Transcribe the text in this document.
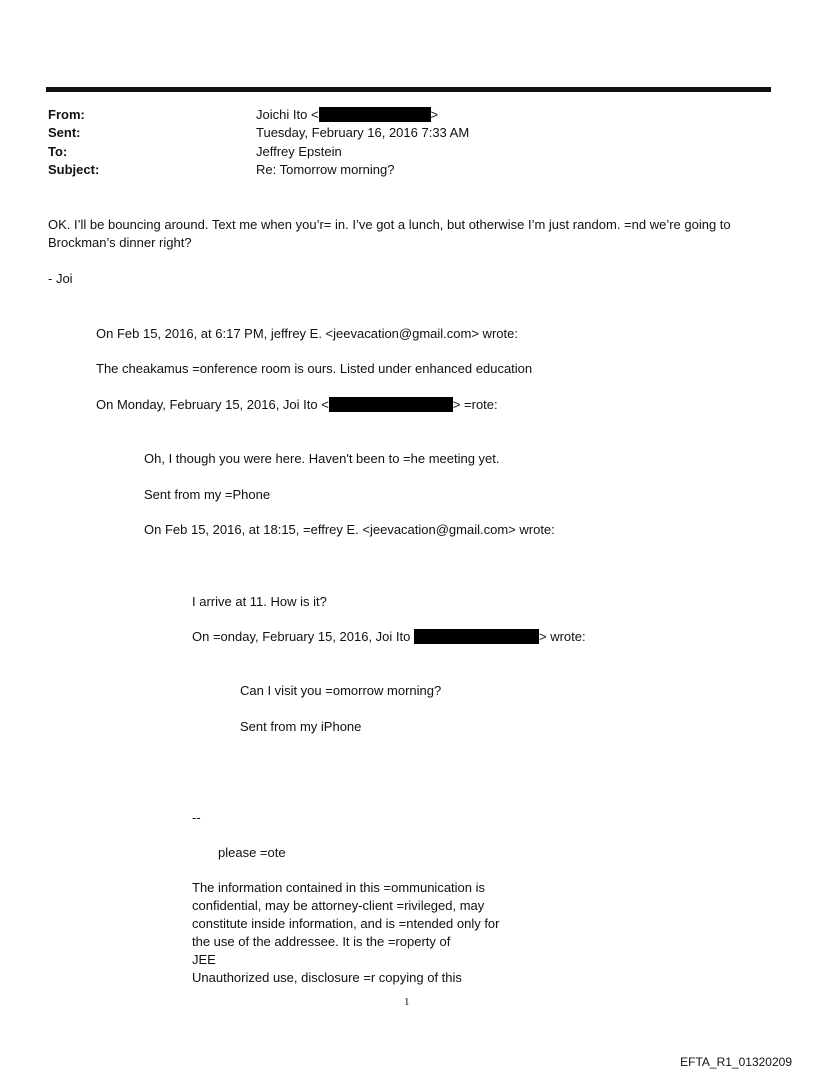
From:	Joichi Ito <	>
Sent:	Tuesday, February 16, 2016 7:33 AM
To:	Jeffrey Epstein
Subject:	Re: Tomorrow morning?
OK. I’ll be bouncing around. Text me when you’r= in. I’ve got a lunch, but otherwise I’m just random. =nd we’re going to Brockman’s dinner right?
- Joi
On Feb 15, 2016, at 6:17 PM, jeffrey E. <jeevacation@gmail.com> wrote:
The cheakamus =onference room is ours. Listed under enhanced education
On Monday, February 15, 2016, Joi Ito <	> =rote:
Oh, I though you were here. Haven't been to =he meeting yet.
Sent from my =Phone
On Feb 15, 2016, at 18:15, =effrey E. <jeevacation@gmail.com> wrote:
I arrive at 11. How is it?
On =onday, February 15, 2016, Joi Ito	> wrote:
Can I visit you =omorrow morning?
Sent from my iPhone
--
please =ote
The information contained in this =ommunication is
confidential, may be attorney-client =rivileged, may
constitute inside information, and is =ntended only for
the use of the addressee. It is the =roperty of
JEE
Unauthorized use, disclosure =r copying of this
1
EFTA_R1_01320209
